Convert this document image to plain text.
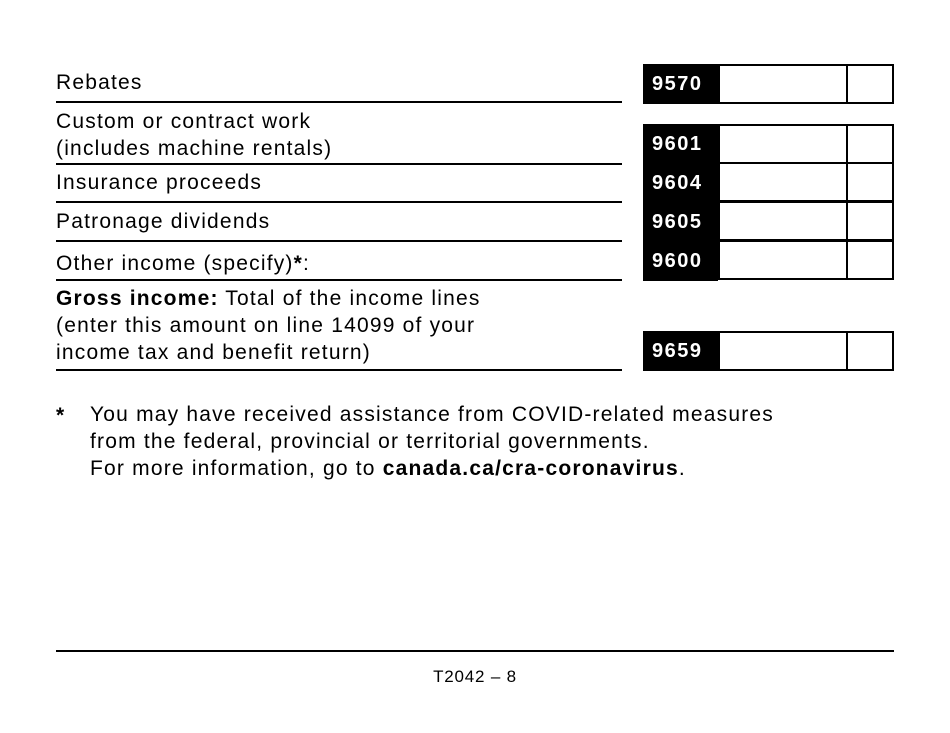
Rebates	9570
Custom or contract work
(includes machine rentals)	9601
Insurance proceeds	9604
Patronage dividends	9605
Other income (specify)*:	9600
Gross income: Total of the income lines
(enter this amount on line 14099 of your
income tax and benefit return)	9659
* You may have received assistance from COVID-related measures
from the federal, provincial or territorial governments.
For more information, go to canada.ca/cra-coronavirus.
T2042 – 8
